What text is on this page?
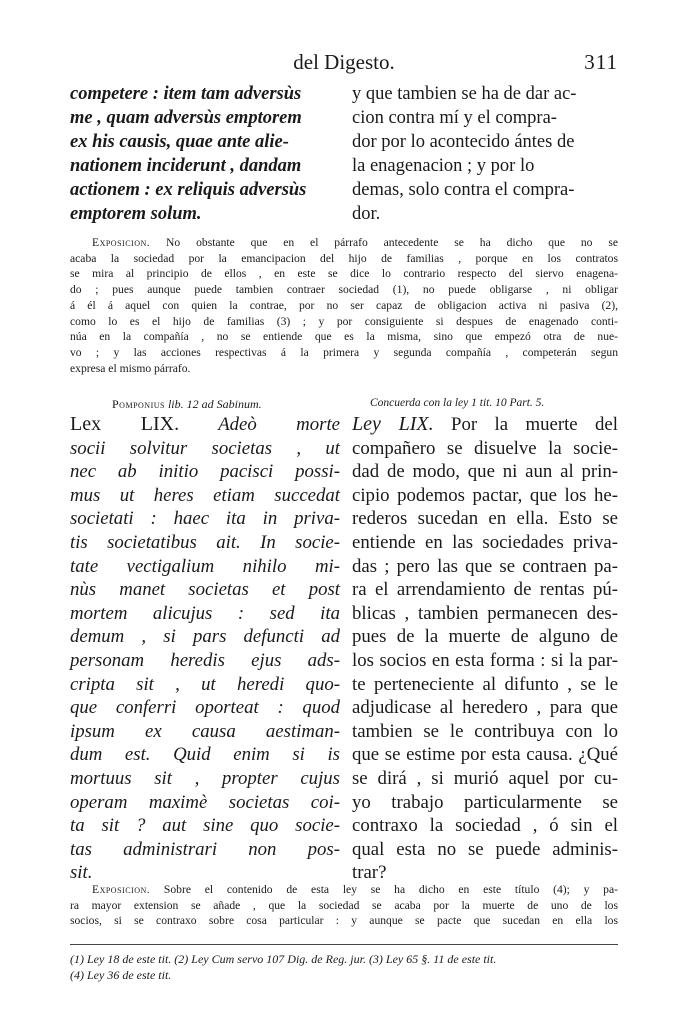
del Digesto.	311
competere : item tam adversùs
me , quam adversùs emptorem
ex his causis, quae ante alie-
nationem inciderunt , dandam
actionem : ex reliquis adversùs
emptorem solum.
y que tambien se ha de dar ac-
cion contra mí y el compra-
dor por lo acontecido ántes de
la enagenacion ; y por lo
demas, solo contra el compra-
dor.
Exposicion. No obstante que en el párrafo antecedente se ha dicho que no se
acaba la sociedad por la emancipacion del hijo de familias , porque en los contratos
se mira al principio de ellos , en este se dice lo contrario respecto del siervo enagena-
do ; pues aunque puede tambien contraer sociedad (1), no puede obligarse , ni obligar
á él á aquel con quien la contrae, por no ser capaz de obligacion activa ni pasiva (2),
como lo es el hijo de familias (3) ; y por consiguiente si despues de enagenado conti-
núa en la compañía , no se entiende que es la misma, sino que empezó otra de nue-
vo ; y las acciones respectivas á la primera y segunda compañía , competerán segun
expresa el mismo párrafo.
Pomponius lib. 12 ad Sabinum.	Concuerda con la ley 1 tit. 10 Part. 5.
Lex LIX. Adeò morte
socii solvitur societas , ut
nec ab initio pacisci possi-
mus ut heres etiam succedat
societati : haec ita in priva-
tis societatibus ait. In socie-
tate vectigalium nihilo mi-
nùs manet societas et post
mortem alicujus : sed ita
demum , si pars defuncti ad
personam heredis ejus ads-
cripta sit , ut heredi quo-
que conferri oporteat : quod
ipsum ex causa aestiman-
dum est. Quid enim si is
mortuus sit , propter cujus
operam maximè societas coi-
ta sit ? aut sine quo socie-
tas administrari non pos-
sit.
Ley LIX. Por la muerte del
compañero se disuelve la socie-
dad de modo, que ni aun al prin-
cipio podemos pactar, que los he-
rederos sucedan en ella. Esto se
entiende en las sociedades priva-
das ; pero las que se contraen pa-
ra el arrendamiento de rentas pú-
blicas , tambien permanecen des-
pues de la muerte de alguno de
los socios en esta forma : si la par-
te perteneciente al difunto , se le
adjudicase al heredero , para que
tambien se le contribuya con lo
que se estime por esta causa. ¿Qué
se dirá , si murió aquel por cu-
yo trabajo particularmente se
contraxo la sociedad , ó sin el
qual esta no se puede adminis-
trar?
Exposicion. Sobre el contenido de esta ley se ha dicho en este título (4); y pa-
ra mayor extension se añade , que la sociedad se acaba por la muerte de uno de los
socios, si se contraxo sobre cosa particular : y aunque se pacte que sucedan en ella los
(1) Ley 18 de este tit. (2) Ley Cum servo 107 Dig. de Reg. jur. (3) Ley 65 §. 11 de este tit.
(4) Ley 36 de este tit.
